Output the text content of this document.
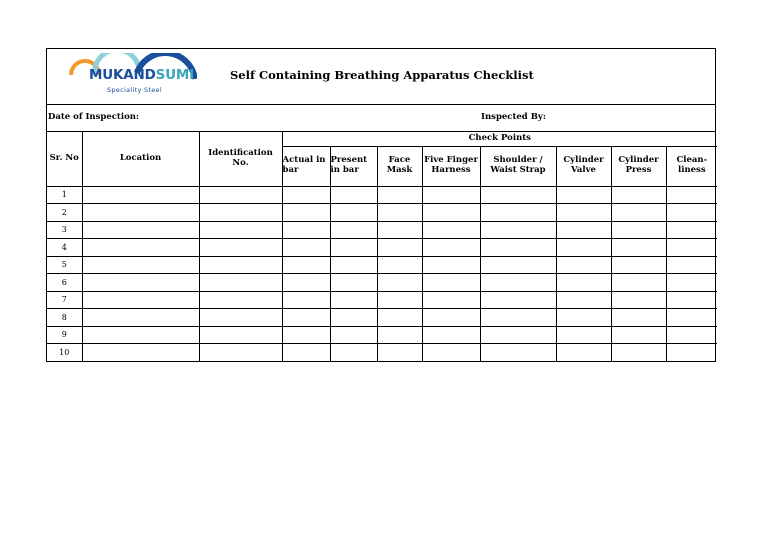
MUKANDSUMI
Speciality Steel
Self Containing Breathing Apparatus Checklist
Date of Inspection:	Inspected By:
Sr. No	Location	Identification No.	Check Points							
			Actual in bar	Present in bar	Face Mask	Five Finger Harness	Shoulder / Waist Strap	Cylinder Valve	Cylinder Press	Clean-liness
1										
2										
3										
4										
5										
6										
7										
8										
9										
10										
